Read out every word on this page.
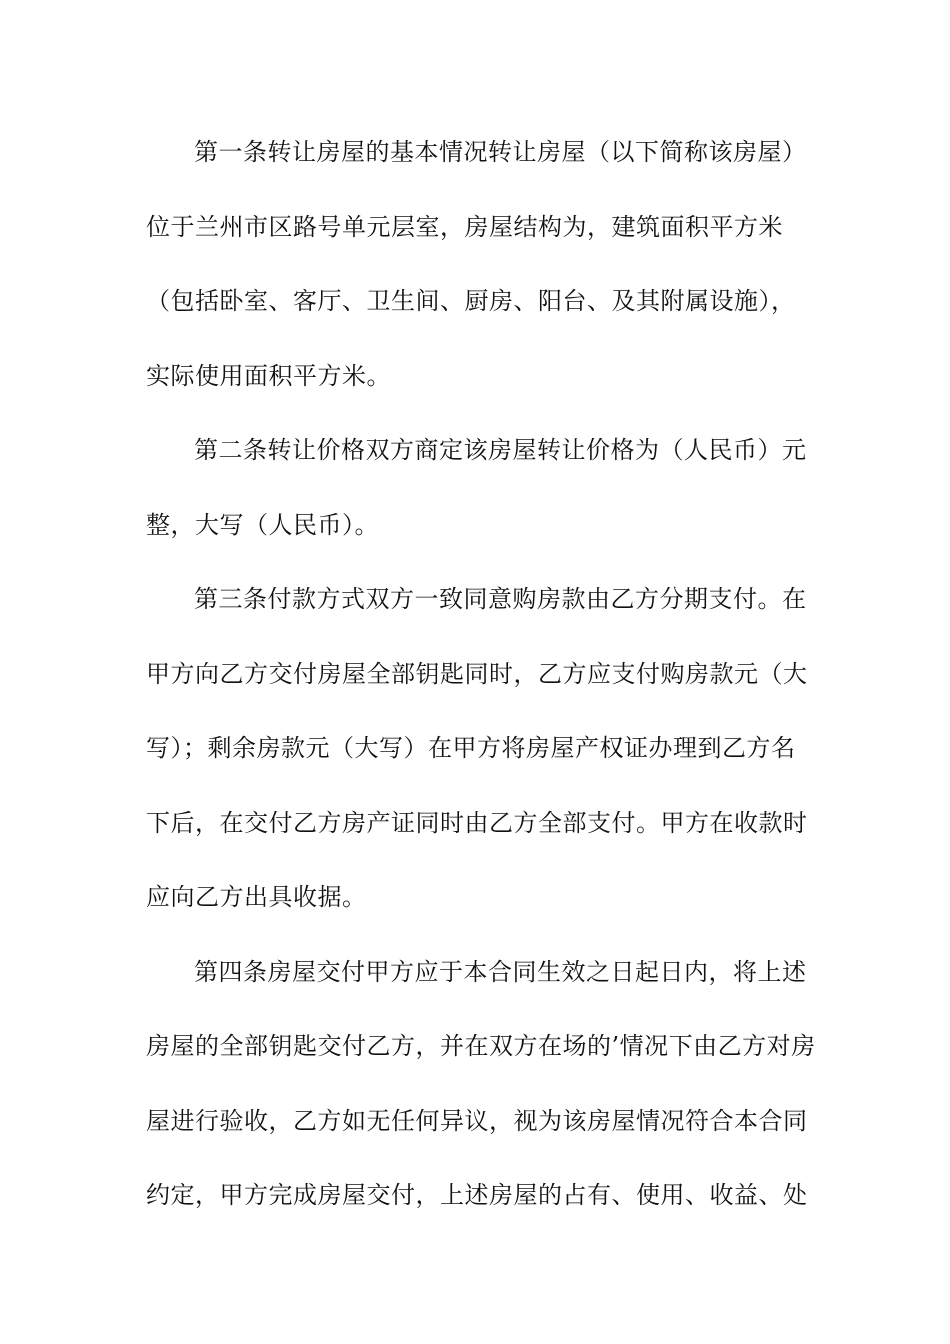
第一条转让房屋的基本情况转让房屋（以下简称该房屋）
位于兰州市区路号单元层室，房屋结构为，建筑面积平方米
（包括卧室、客厅、卫生间、厨房、阳台、及其附属设施），
实际使用面积平方米。
第二条转让价格双方商定该房屋转让价格为（人民币）元
整，大写（人民币）。
第三条付款方式双方一致同意购房款由乙方分期支付。在
甲方向乙方交付房屋全部钥匙同时，乙方应支付购房款元（大
写）；剩余房款元（大写）在甲方将房屋产权证办理到乙方名
下后，在交付乙方房产证同时由乙方全部支付。甲方在收款时
应向乙方出具收据。
第四条房屋交付甲方应于本合同生效之日起日内，将上述
房屋的全部钥匙交付乙方，并在双方在场的’情况下由乙方对房
屋进行验收，乙方如无任何异议，视为该房屋情况符合本合同
约定，甲方完成房屋交付，上述房屋的占有、使用、收益、处
